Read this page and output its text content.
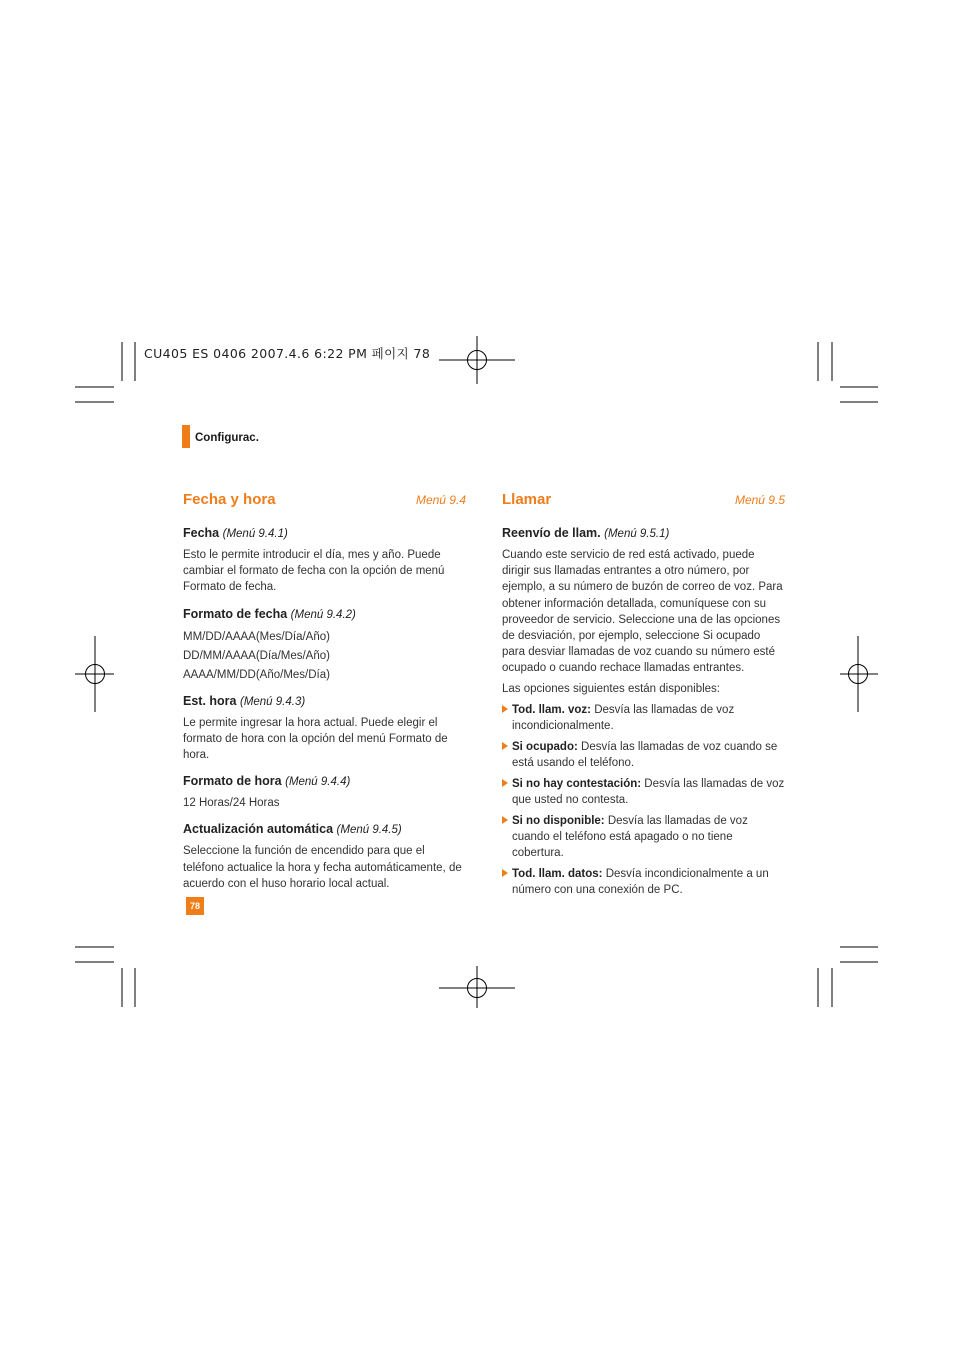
CU405 ES 0406 2007.4.6 6:22 PM 페이지 78
Configurac.
Fecha y hora	Menú 9.4
Fecha (Menú 9.4.1)

Esto le permite introducir el día, mes y año. Puede cambiar el formato de fecha con la opción de menú Formato de fecha.

Formato de fecha (Menú 9.4.2)
MM/DD/AAAA(Mes/Día/Año)
DD/MM/AAAA(Día/Mes/Año)
AAAA/MM/DD(Año/Mes/Día)
Est. hora (Menú 9.4.3)

Le permite ingresar la hora actual. Puede elegir el formato de hora con la opción del menú Formato de hora.

Formato de hora (Menú 9.4.4)

12 Horas/24 Horas

Actualización automática (Menú 9.4.5)

Seleccione la función de encendido para que el teléfono actualice la hora y fecha automáticamente, de acuerdo con el huso horario local actual.

Llamar	Menú 9.5
Reenvío de llam. (Menú 9.5.1)

Cuando este servicio de red está activado, puede dirigir sus llamadas entrantes a otro número, por ejemplo, a su número de buzón de correo de voz. Para obtener información detallada, comuníquese con su proveedor de servicio. Seleccione una de las opciones de desviación, por ejemplo, seleccione Si ocupado para desviar llamadas de voz cuando su número esté ocupado o cuando rechace llamadas entrantes.

Las opciones siguientes están disponibles:

Tod. llam. voz: Desvía las llamadas de voz incondicionalmente.
Si ocupado: Desvía las llamadas de voz cuando se está usando el teléfono.
Si no hay contestación: Desvía las llamadas de voz que usted no contesta.
Si no disponible: Desvía las llamadas de voz cuando el teléfono está apagado o no tiene cobertura.
Tod. llam. datos: Desvía incondicionalmente a un número con una conexión de PC.
78
